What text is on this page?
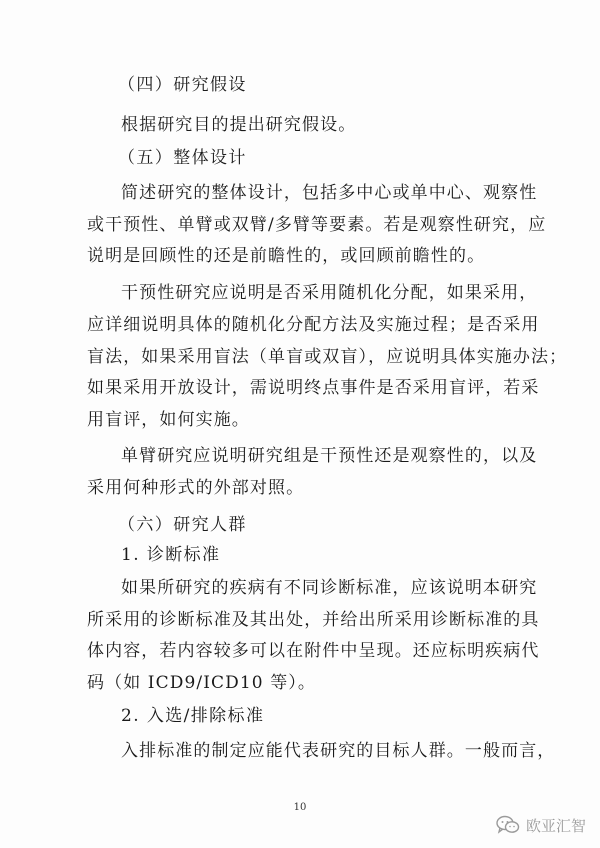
（四）研究假设
根据研究目的提出研究假设。
（五）整体设计
简述研究的整体设计，包括多中心或单中心、观察性
或干预性、单臂或双臂/多臂等要素。若是观察性研究，应
说明是回顾性的还是前瞻性的，或回顾前瞻性的。
干预性研究应说明是否采用随机化分配，如果采用，
应详细说明具体的随机化分配方法及实施过程；是否采用
盲法，如果采用盲法（单盲或双盲），应说明具体实施办法；
如果采用开放设计，需说明终点事件是否采用盲评，若采
用盲评，如何实施。
单臂研究应说明研究组是干预性还是观察性的，以及
采用何种形式的外部对照。
（六）研究人群
1. 诊断标准
如果所研究的疾病有不同诊断标准，应该说明本研究
所采用的诊断标准及其出处，并给出所采用诊断标准的具
体内容，若内容较多可以在附件中呈现。还应标明疾病代
码（如 ICD9/ICD10 等）。
2. 入选/排除标准
入排标准的制定应能代表研究的目标人群。一般而言，
10
欧亚汇智
